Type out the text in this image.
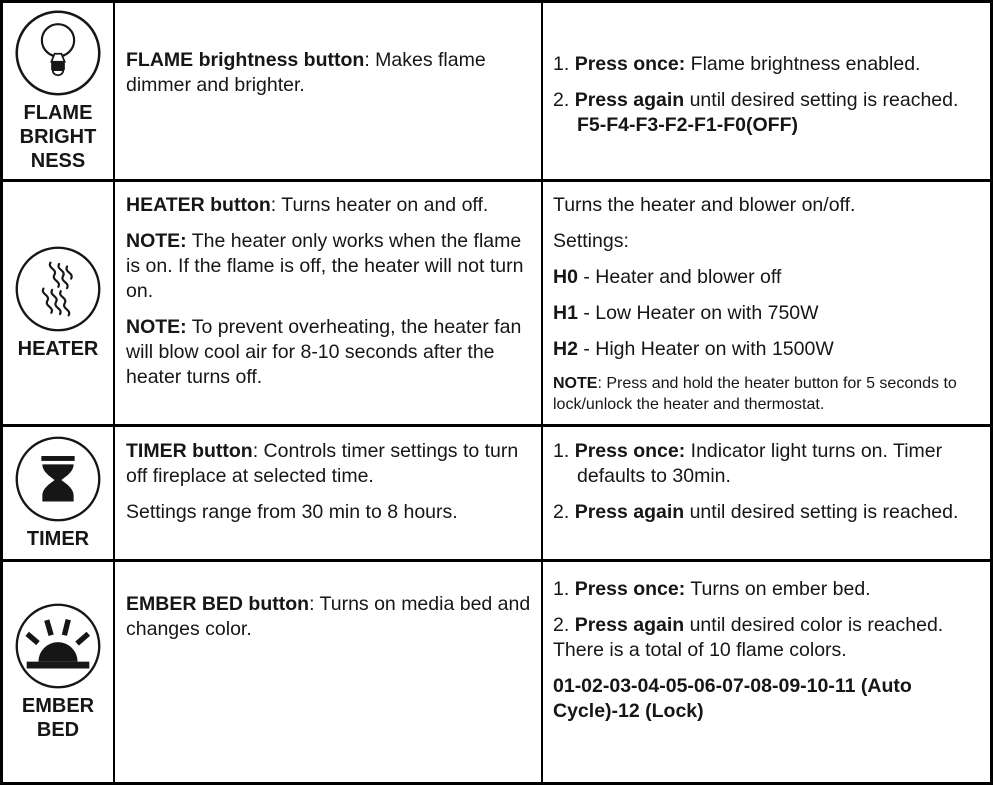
FLAME
BRIGHT
NESS

FLAME brightness button: Makes flame dimmer and brighter.

1. Press once: Flame brightness enabled.

2. Press again until desired setting is reached. F5-F4-F3-F2-F1-F0(OFF)

HEATER

HEATER button: Turns heater on and off.

NOTE: The heater only works when the flame is on. If the flame is off, the heater will not turn on.

NOTE: To prevent overheating, the heater fan will blow cool air for 8-10 seconds after the heater turns off.

Turns the heater and blower on/off.

Settings:

H0 - Heater and blower off

H1 - Low Heater on with 750W

H2 - High Heater on with 1500W

NOTE: Press and hold the heater button for 5 seconds to lock/unlock the heater and thermostat.

TIMER

TIMER button: Controls timer settings to turn off fireplace at selected time.

Settings range from 30 min to 8 hours.

1. Press once: Indicator light turns on. Timer defaults to 30min.

2. Press again until desired setting is reached.

EMBER
BED

EMBER BED button: Turns on media bed and changes color.

1. Press once: Turns on ember bed.

2. Press again until desired color is reached. There is a total of 10 flame colors.

01-02-03-04-05-06-07-08-09-10-11 (Auto Cycle)-12 (Lock)
